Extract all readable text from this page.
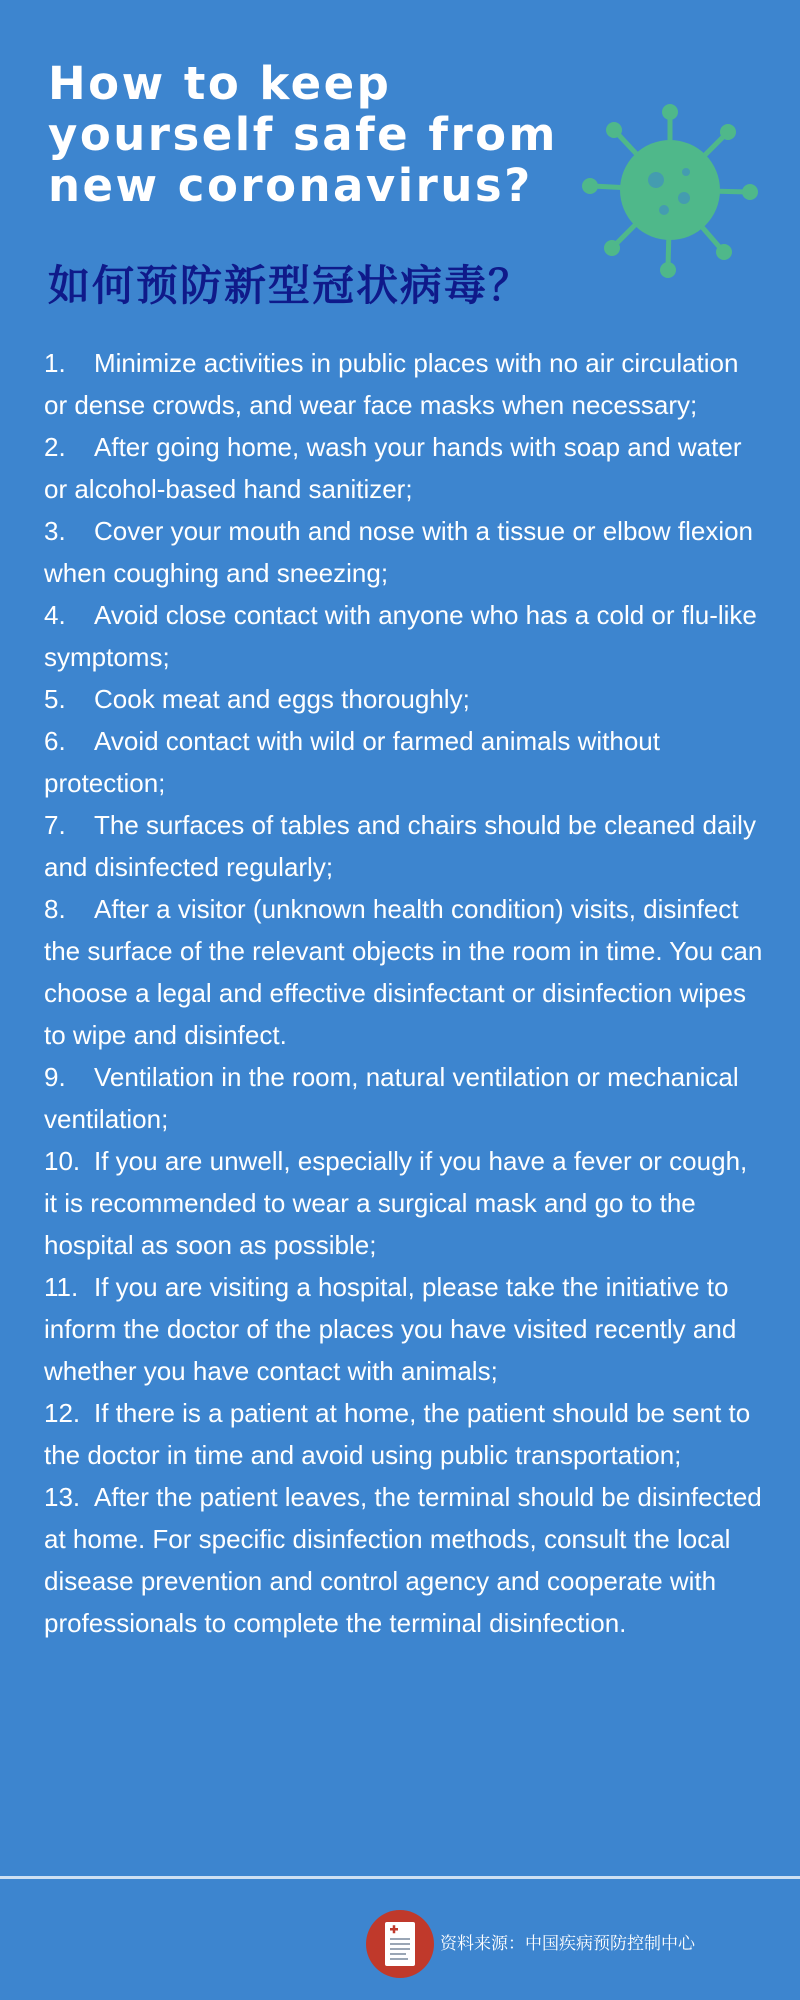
How to keep yourself safe from new coronavirus?
如何预防新型冠状病毒？
1. Minimize activities in public places with no air circulation or dense crowds, and wear face masks when necessary;
2. After going home, wash your hands with soap and water or alcohol-based hand sanitizer;
3. Cover your mouth and nose with a tissue or elbow flexion when coughing and sneezing;
4. Avoid close contact with anyone who has a cold or flu-like symptoms;
5. Cook meat and eggs thoroughly;
6. Avoid contact with wild or farmed animals without protection;
7. The surfaces of tables and chairs should be cleaned daily and disinfected regularly;
8. After a visitor (unknown health condition) visits, disinfect the surface of the relevant objects in the room in time. You can choose a legal and effective disinfectant or disinfection wipes to wipe and disinfect.
9. Ventilation in the room, natural ventilation or mechanical ventilation;
10. If you are unwell, especially if you have a fever or cough, it is recommended to wear a surgical mask and go to the hospital as soon as possible;
11. If you are visiting a hospital, please take the initiative to inform the doctor of the places you have visited recently and whether you have contact with animals;
12. If there is a patient at home, the patient should be sent to the doctor in time and avoid using public transportation;
13. After the patient leaves, the terminal should be disinfected at home. For specific disinfection methods, consult the local disease prevention and control agency and cooperate with professionals to complete the terminal disinfection.
资料来源：中国疾病预防控制中心
